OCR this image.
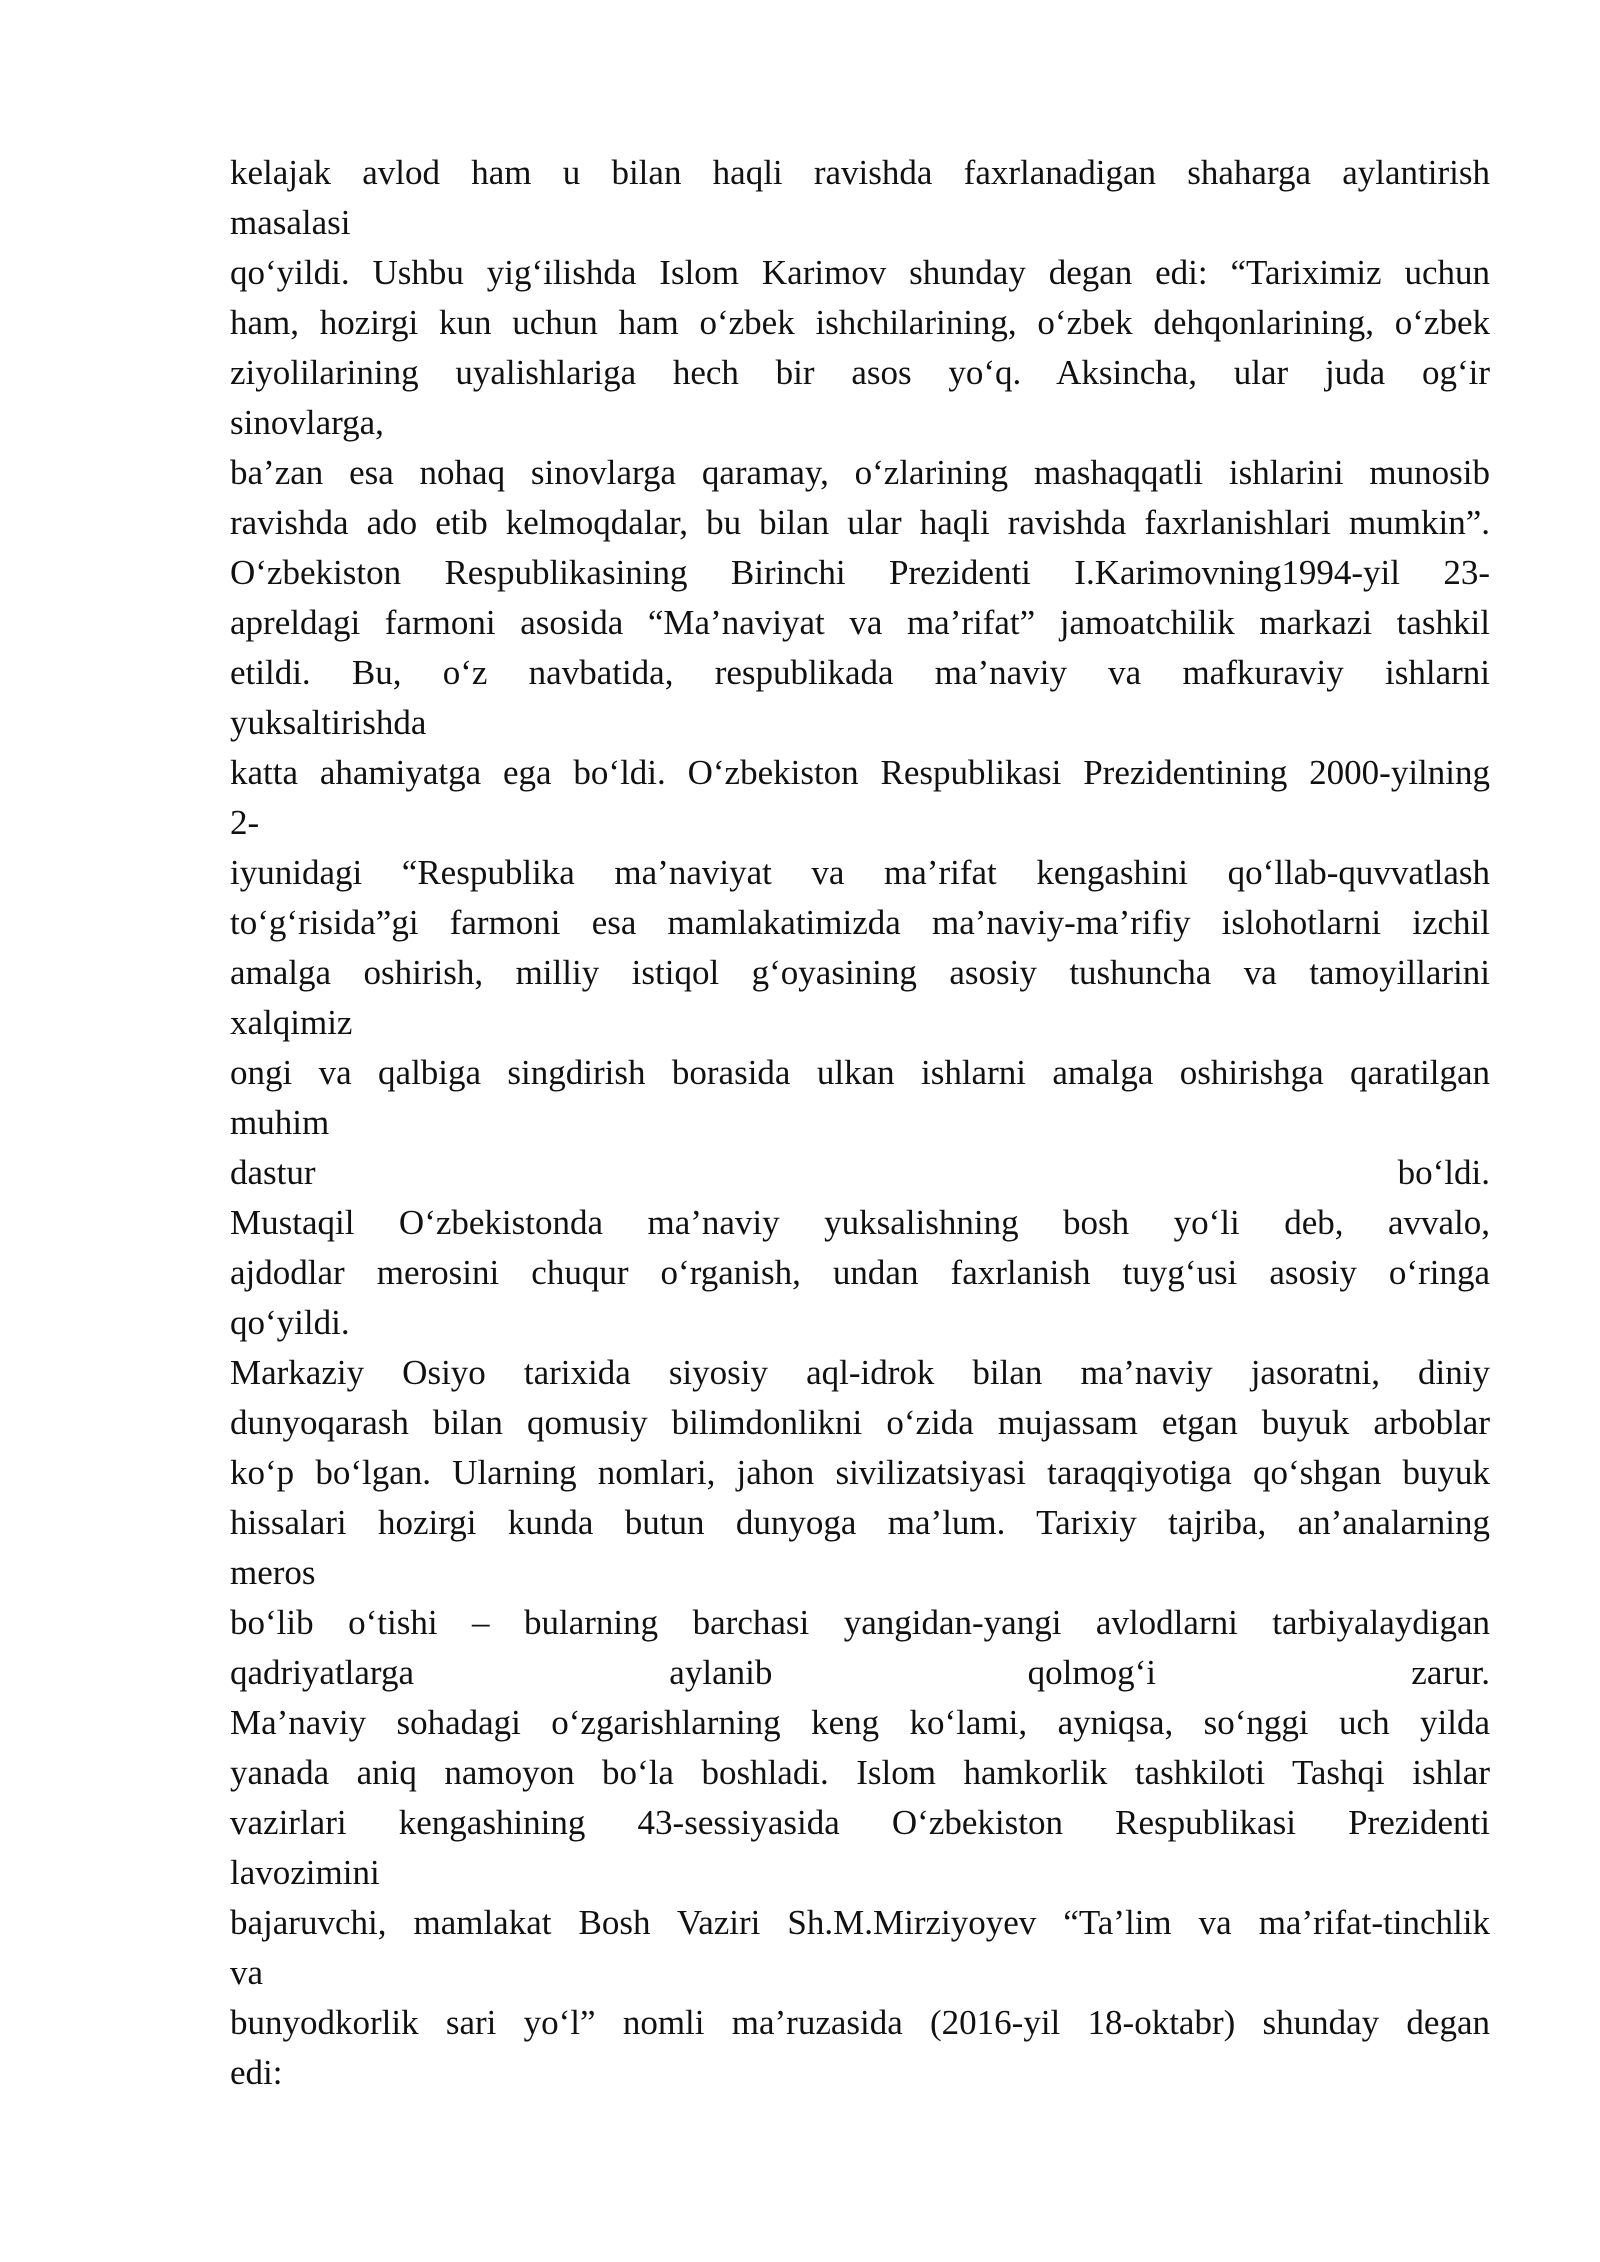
kelajak avlod ham u bilan haqli ravishda faxrlanadigan shaharga aylantirish
masalasi
qo‘yildi. Ushbu yig‘ilishda Islom Karimov shunday degan edi: “Tariximiz uchun
ham, hozirgi kun uchun ham o‘zbek ishchilarining, o‘zbek dehqonlarining, o‘zbek
ziyolilarining uyalishlariga hech bir asos yo‘q. Aksincha, ular juda og‘ir
sinovlarga,
ba’zan esa nohaq sinovlarga qaramay, o‘zlarining mashaqqatli ishlarini munosib
ravishda ado etib kelmoqdalar, bu bilan ular haqli ravishda faxrlanishlari mumkin”.
O‘zbekiston Respublikasining Birinchi Prezidenti I.Karimovning1994-yil 23-
apreldagi farmoni asosida “Ma’naviyat va ma’rifat” jamoatchilik markazi tashkil
etildi. Bu, o‘z navbatida, respublikada ma’naviy va mafkuraviy ishlarni
yuksaltirishda
katta ahamiyatga ega bo‘ldi. O‘zbekiston Respublikasi Prezidentining 2000-yilning
2-
iyunidagi “Respublika ma’naviyat va ma’rifat kengashini qo‘llab-quvvatlash
to‘g‘risida”gi farmoni esa mamlakatimizda ma’naviy-ma’rifiy islohotlarni izchil
amalga oshirish, milliy istiqol g‘oyasining asosiy tushuncha va tamoyillarini
xalqimiz
ongi va qalbiga singdirish borasida ulkan ishlarni amalga oshirishga qaratilgan
muhim
dastur bo‘ldi.
Mustaqil O‘zbekistonda ma’naviy yuksalishning bosh yo‘li deb, avvalo,
ajdodlar merosini chuqur o‘rganish, undan faxrlanish tuyg‘usi asosiy o‘ringa
qo‘yildi.
Markaziy Osiyo tarixida siyosiy aql-idrok bilan ma’naviy jasoratni, diniy
dunyoqarash bilan qomusiy bilimdonlikni o‘zida mujassam etgan buyuk arboblar
ko‘p bo‘lgan. Ularning nomlari, jahon sivilizatsiyasi taraqqiyotiga qo‘shgan buyuk
hissalari hozirgi kunda butun dunyoga ma’lum. Tarixiy tajriba, an’analarning
meros
bo‘lib o‘tishi – bularning barchasi yangidan-yangi avlodlarni tarbiyalaydigan
qadriyatlarga aylanib qolmog‘i zarur.
Ma’naviy sohadagi o‘zgarishlarning keng ko‘lami, ayniqsa, so‘nggi uch yilda
yanada aniq namoyon bo‘la boshladi. Islom hamkorlik tashkiloti Tashqi ishlar
vazirlari kengashining 43-sessiyasida O‘zbekiston Respublikasi Prezidenti
lavozimini
bajaruvchi, mamlakat Bosh Vaziri Sh.M.Mirziyoyev “Ta’lim va ma’rifat-tinchlik
va
bunyodkorlik sari yo‘l” nomli ma’ruzasida (2016-yil 18-oktabr) shunday degan
edi:
